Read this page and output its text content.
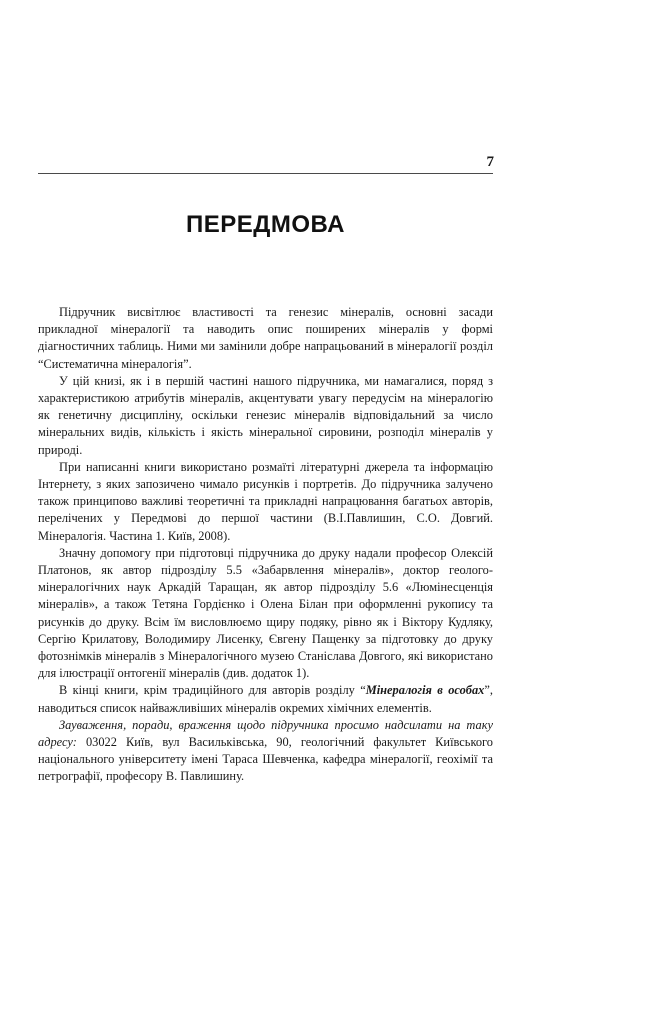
7
ПЕРЕДМОВА

Підручник висвітлює властивості та генезис мінералів, основні засади прикладної мінералогії та наводить опис поширених мінералів у формі діагностичних таблиць. Ними ми замінили добре напрацьований в мінералогії розділ “Систематична мінералогія”.

У цій книзі, як і в першій частині нашого підручника, ми намагалися, поряд з характеристикою атрибутів мінералів, акцентувати увагу передусім на мінералогію як генетичну дисципліну, оскільки генезис мінералів відповідальний за число мінеральних видів, кількість і якість мінеральної сировини, розподіл мінералів у природі.

При написанні книги використано розмаїті літературні джерела та інформацію Інтернету, з яких запозичено чимало рисунків і портретів. До підручника залучено також принципово важливі теоретичні та прикладні напрацювання багатьох авторів, перелічених у Передмові до першої частини (В.І.Павлишин, С.О. Довгий. Мінералогія. Частина 1. Київ, 2008).

Значну допомогу при підготовці підручника до друку надали професор Олексій Платонов, як автор підрозділу 5.5 «Забарвлення мінералів», доктор геолого-мінералогічних наук Аркадій Таращан, як автор підрозділу 5.6 «Люмінесценція мінералів», а також Тетяна Гордієнко і Олена Білан при оформленні рукопису та рисунків до друку. Всім їм висловлюємо щиру подяку, рівно як і Віктору Кудляку, Сергію Крилатову, Володимиру Лисенку, Євгену Пащенку за підготовку до друку фотознімків мінералів з Мінералогічного музею Станіслава Довгого, які використано для ілюстрації онтогенії мінералів (див. додаток 1).

В кінці книги, крім традиційного для авторів розділу “Мінералогія в особах”, наводиться список найважливіших мінералів окремих хімічних елементів.

Зауваження, поради, враження щодо підручника просимо надсилати на таку адресу: 03022 Київ, вул Васильківська, 90, геологічний факультет Київського національного університету імені Тараса Шевченка, кафедра мінералогії, геохімії та петрографії, професору В. Павлишину.
